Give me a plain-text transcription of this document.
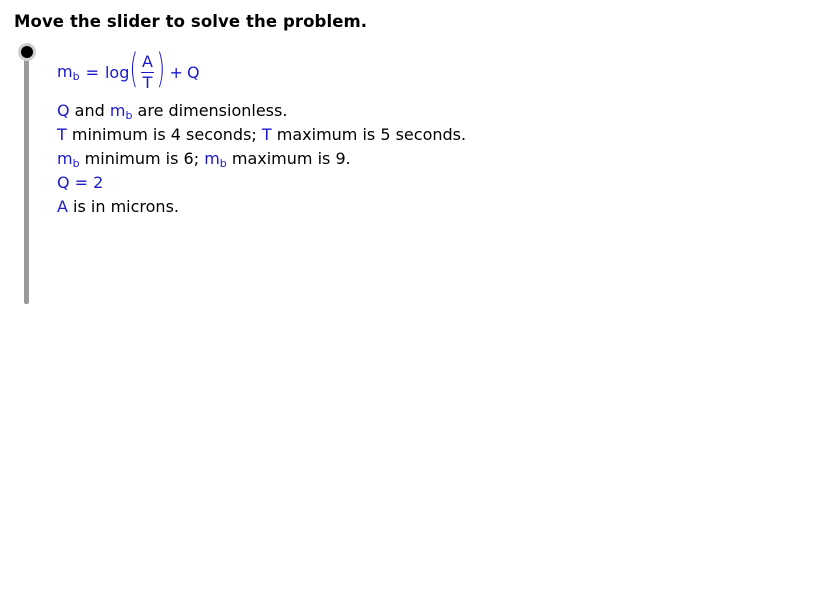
Move the slider to solve the problem.
$m_b = \log$ ( $\frac{A}{T}$ ) + Q
Q and $m_b$ are dimensionless.
T minimum is 4 seconds; T maximum is 5 seconds.
$m_b$ minimum is 6; $m_b$ maximum is 9.
Q = 2
A is in microns.
